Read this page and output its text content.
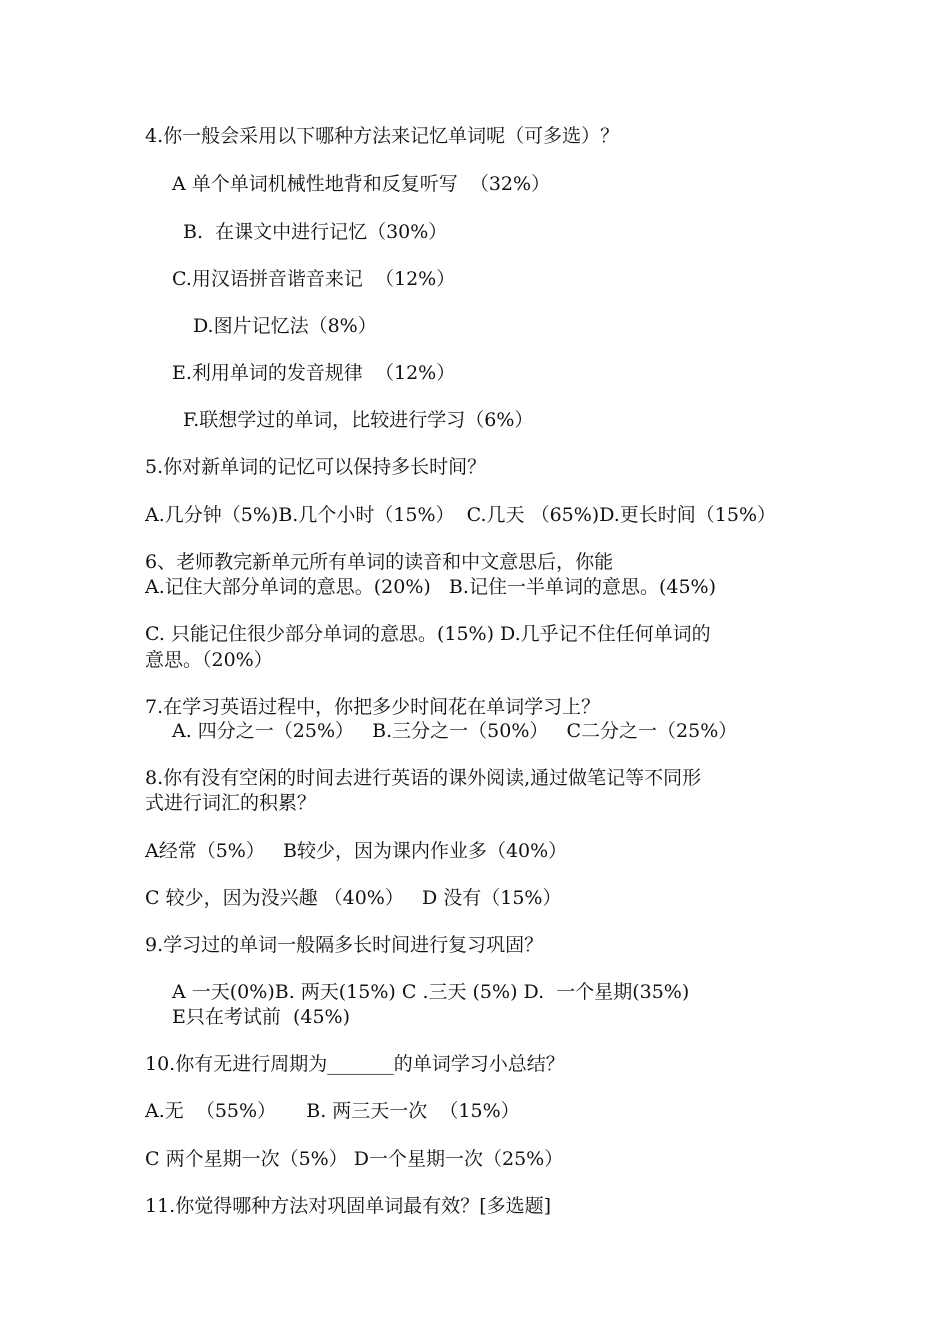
4.你一般会采用以下哪种方法来记忆单词呢（可多选）？
A 单个单词机械性地背和反复听写  （32%）
B.  在课文中进行记忆（30%）
C.用汉语拼音谐音来记  （12%）
D.图片记忆法（8%）
E.利用单词的发音规律  （12%）
F.联想学过的单词，比较进行学习（6%）
5.你对新单词的记忆可以保持多长时间？
A.几分钟（5%)B.几个小时（15%）  C.几天 （65%)D.更长时间（15%）
6、老师教完新单元所有单词的读音和中文意思后，你能
A.记住大部分单词的意思。(20%)   B.记住一半单词的意思。(45%)
C. 只能记住很少部分单词的意思。(15%) D.几乎记不住任何单词的
意思。（20%）
7.在学习英语过程中，你把多少时间花在单词学习上？
A. 四分之一（25%）   B.三分之一（50%）   C二分之一（25%）
8.你有没有空闲的时间去进行英语的课外阅读,通过做笔记等不同形
式进行词汇的积累？
A经常（5%）   B较少，因为课内作业多（40%）
C 较少，因为没兴趣 （40%）   D 没有（15%）
9.学习过的单词一般隔多长时间进行复习巩固？
A 一天(0%)B. 两天(15%) C .三天 (5%) D.  一个星期(35%)
E只在考试前  (45%)
10.你有无进行周期为_______的单词学习小总结？
A.无  （55%）     B. 两三天一次  （15%）
C 两个星期一次（5%） D一个星期一次（25%）
11.你觉得哪种方法对巩固单词最有效？[多选题]
